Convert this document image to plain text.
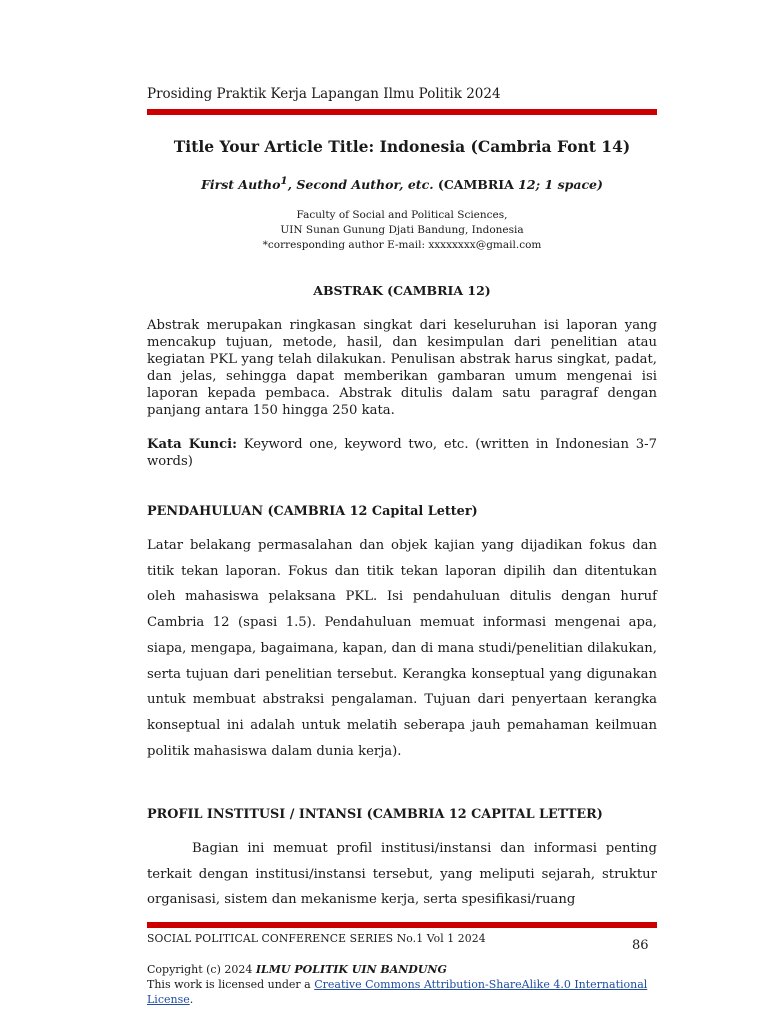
Prosiding Praktik Kerja Lapangan Ilmu Politik 2024
Title Your Article Title: Indonesia (Cambria Font 14)
First Autho$^1$, Second Author, etc. (CAMBRIA 12; 1 space)
Faculty of Social and Political Sciences,
UIN Sunan Gunung Djati Bandung, Indonesia
*corresponding author E-mail: xxxxxxxx@gmail.com
ABSTRAK (CAMBRIA 12)
Abstrak merupakan ringkasan singkat dari keseluruhan isi laporan yang mencakup tujuan, metode, hasil, dan kesimpulan dari penelitian atau kegiatan PKL yang telah dilakukan. Penulisan abstrak harus singkat, padat, dan jelas, sehingga dapat memberikan gambaran umum mengenai isi laporan kepada pembaca. Abstrak ditulis dalam satu paragraf dengan panjang antara 150 hingga 250 kata.
Kata Kunci: Keyword one, keyword two, etc. (written in Indonesian 3-7 words)
PENDAHULUAN (CAMBRIA 12 Capital Letter)
Latar belakang permasalahan dan objek kajian yang dijadikan fokus dan titik tekan laporan. Fokus dan titik tekan laporan dipilih dan ditentukan oleh mahasiswa pelaksana PKL. Isi pendahuluan ditulis dengan huruf Cambria 12 (spasi 1.5). Pendahuluan memuat informasi mengenai apa, siapa, mengapa, bagaimana, kapan, dan di mana studi/penelitian dilakukan, serta tujuan dari penelitian tersebut. Kerangka konseptual yang digunakan untuk membuat abstraksi pengalaman. Tujuan dari penyertaan kerangka konseptual ini adalah untuk melatih seberapa jauh pemahaman keilmuan politik mahasiswa dalam dunia kerja).
PROFIL INSTITUSI / INTANSI (CAMBRIA 12 CAPITAL LETTER)
Bagian ini memuat profil institusi/instansi dan informasi penting terkait dengan institusi/instansi tersebut, yang meliputi sejarah, struktur organisasi, sistem dan mekanisme kerja, serta spesifikasi/ruang
SOCIAL POLITICAL CONFERENCE SERIES No.1 Vol 1 2024	86
Copyright (c) 2024 ILMU POLITIK UIN BANDUNG
This work is licensed under a Creative Commons Attribution-ShareAlike 4.0 International License.
